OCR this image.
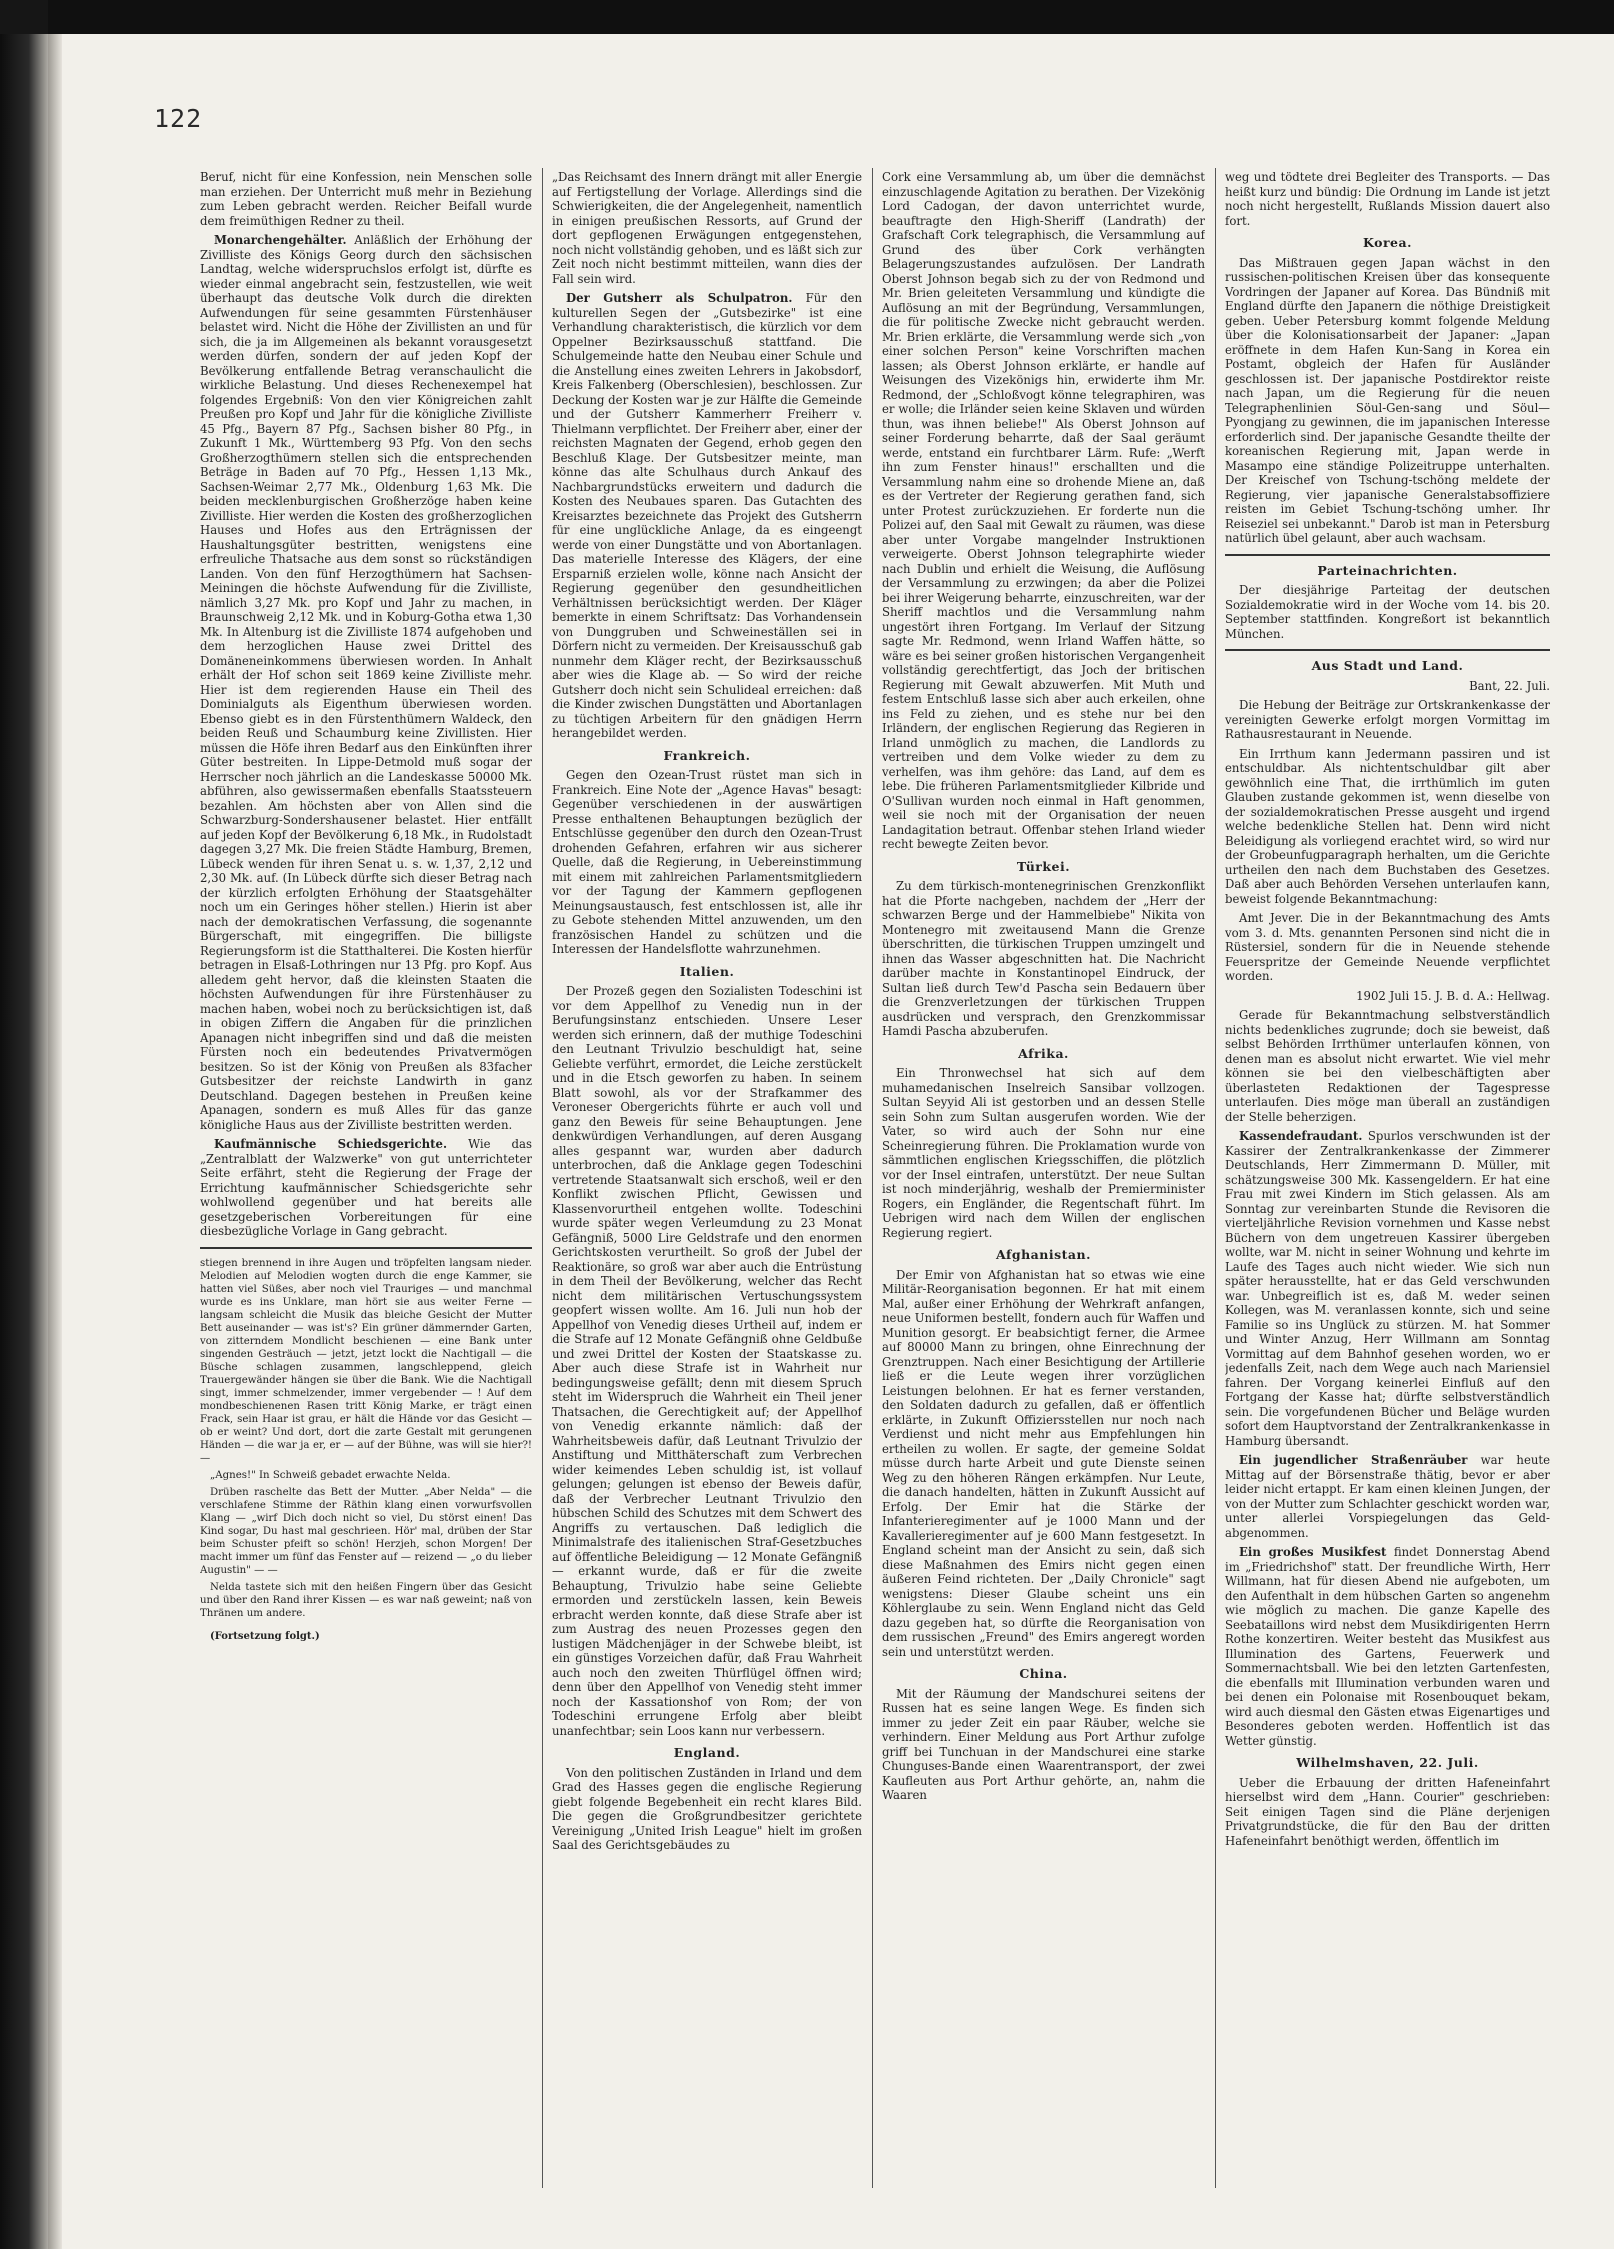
122

Beruf, nicht für eine Konfession, nein Menschen solle man erziehen. Der Unterricht muß mehr in Beziehung zum Leben gebracht werden. Reicher Beifall wurde dem freimüthigen Redner zu theil.

Monarchengehälter. Anläßlich der Erhöhung der Zivilliste des Königs Georg durch den sächsischen Landtag, welche widerspruchslos erfolgt ist, dürfte es wieder einmal angebracht sein, festzustellen, wie weit überhaupt das deutsche Volk durch die direkten Aufwendungen für seine gesammten Fürstenhäuser belastet wird. Nicht die Höhe der Zivillisten an und für sich, die ja im Allgemeinen als bekannt vorausgesetzt werden dürfen, sondern der auf jeden Kopf der Bevölkerung entfallende Betrag veranschaulicht die wirkliche Belastung. Und dieses Rechenexempel hat folgendes Ergebniß: Von den vier Königreichen zahlt Preußen pro Kopf und Jahr für die königliche Zivilliste 45 Pfg., Bayern 87 Pfg., Sachsen bisher 80 Pfg., in Zukunft 1 Mk., Württemberg 93 Pfg. Von den sechs Großherzogthümern stellen sich die entsprechenden Beträge in Baden auf 70 Pfg., Hessen 1,13 Mk., Sachsen-Weimar 2,77 Mk., Oldenburg 1,63 Mk. Die beiden mecklenburgischen Großherzöge haben keine Zivilliste. Hier werden die Kosten des großherzoglichen Hauses und Hofes aus den Erträgnissen der Haushaltungsgüter bestritten, wenigstens eine erfreuliche Thatsache aus dem sonst so rückständigen Landen. Von den fünf Herzogthümern hat Sachsen-Meiningen die höchste Aufwendung für die Zivilliste, nämlich 3,27 Mk. pro Kopf und Jahr zu machen, in Braunschweig 2,12 Mk. und in Koburg-Gotha etwa 1,30 Mk. In Altenburg ist die Zivilliste 1874 aufgehoben und dem herzoglichen Hause zwei Drittel des Domäneneinkommens überwiesen worden. In Anhalt erhält der Hof schon seit 1869 keine Zivilliste mehr. Hier ist dem regierenden Hause ein Theil des Dominialguts als Eigenthum überwiesen worden. Ebenso giebt es in den Fürstenthümern Waldeck, den beiden Reuß und Schaumburg keine Zivillisten. Hier müssen die Höfe ihren Bedarf aus den Einkünften ihrer Güter bestreiten. In Lippe-Detmold muß sogar der Herrscher noch jährlich an die Landeskasse 50000 Mk. abführen, also gewissermaßen ebenfalls Staatssteuern bezahlen. Am höchsten aber von Allen sind die Schwarzburg-Sondershausener belastet. Hier entfällt auf jeden Kopf der Bevölkerung 6,18 Mk., in Rudolstadt dagegen 3,27 Mk. Die freien Städte Hamburg, Bremen, Lübeck wenden für ihren Senat u. s. w. 1,37, 2,12 und 2,30 Mk. auf. (In Lübeck dürfte sich dieser Betrag nach der kürzlich erfolgten Erhöhung der Staatsgehälter noch um ein Geringes höher stellen.) Hierin ist aber nach der demokratischen Verfassung, die sogenannte Bürgerschaft, mit eingegriffen. Die billigste Regierungsform ist die Statthalterei. Die Kosten hierfür betragen in Elsaß-Lothringen nur 13 Pfg. pro Kopf. Aus alledem geht hervor, daß die kleinsten Staaten die höchsten Aufwendungen für ihre Fürstenhäuser zu machen haben, wobei noch zu berücksichtigen ist, daß in obigen Ziffern die Angaben für die prinzlichen Apanagen nicht inbegriffen sind und daß die meisten Fürsten noch ein bedeutendes Privatvermögen besitzen. So ist der König von Preußen als 83facher Gutsbesitzer der reichste Landwirth in ganz Deutschland. Dagegen bestehen in Preußen keine Apanagen, sondern es muß Alles für das ganze königliche Haus aus der Zivilliste bestritten werden.

Kaufmännische Schiedsgerichte. Wie das „Zentralblatt der Walzwerke" von gut unterrichteter Seite erfährt, steht die Regierung der Frage der Errichtung kaufmännischer Schiedsgerichte sehr wohlwollend gegenüber und hat bereits alle gesetzgeberischen Vorbereitungen für eine diesbezügliche Vorlage in Gang gebracht.

stiegen brennend in ihre Augen und tröpfelten langsam nieder. Melodien auf Melodien wogten durch die enge Kammer, sie hatten viel Süßes, aber noch viel Trauriges — und manchmal wurde es ins Unklare, man hört sie aus weiter Ferne — langsam schleicht die Musik das bleiche Gesicht der Mutter Bett auseinander — was ist's? Ein grüner dämmernder Garten, von zitterndem Mondlicht beschienen — eine Bank unter singenden Gesträuch — jetzt, jetzt lockt die Nachtigall — die Büsche schlagen zusammen, langschleppend, gleich Trauergewänder hängen sie über die Bank. Wie die Nachtigall singt, immer schmelzender, immer vergebender — ! Auf dem mondbeschienenen Rasen tritt König Marke, er trägt einen Frack, sein Haar ist grau, er hält die Hände vor das Gesicht — ob er weint? Und dort, dort die zarte Gestalt mit gerungenen Händen — die war ja er, er — auf der Bühne, was will sie hier?! —

„Agnes!" In Schweiß gebadet erwachte Nelda.

Drüben raschelte das Bett der Mutter. „Aber Nelda" — die verschlafene Stimme der Räthin klang einen vorwurfsvollen Klang — „wirf Dich doch nicht so viel, Du störst einen! Das Kind sogar, Du hast mal geschrieen. Hör' mal, drüben der Star beim Schuster pfeift so schön! Herzjeh, schon Morgen! Der macht immer um fünf das Fenster auf — reizend — „o du lieber Augustin" — —

Nelda tastete sich mit den heißen Fingern über das Gesicht und über den Rand ihrer Kissen — es war naß geweint; naß von Thränen um andere.

(Fortsetzung folgt.)

„Das Reichsamt des Innern drängt mit aller Energie auf Fertigstellung der Vorlage. Allerdings sind die Schwierigkeiten, die der Angelegenheit, namentlich in einigen preußischen Ressorts, auf Grund der dort gepflogenen Erwägungen entgegenstehen, noch nicht vollständig gehoben, und es läßt sich zur Zeit noch nicht bestimmt mitteilen, wann dies der Fall sein wird.

Der Gutsherr als Schulpatron. Für den kulturellen Segen der „Gutsbezirke" ist eine Verhandlung charakteristisch, die kürzlich vor dem Oppelner Bezirksausschuß stattfand. Die Schulgemeinde hatte den Neubau einer Schule und die Anstellung eines zweiten Lehrers in Jakobsdorf, Kreis Falkenberg (Oberschlesien), beschlossen. Zur Deckung der Kosten war je zur Hälfte die Gemeinde und der Gutsherr Kammerherr Freiherr v. Thielmann verpflichtet. Der Freiherr aber, einer der reichsten Magnaten der Gegend, erhob gegen den Beschluß Klage. Der Gutsbesitzer meinte, man könne das alte Schulhaus durch Ankauf des Nachbargrundstücks erweitern und dadurch die Kosten des Neubaues sparen. Das Gutachten des Kreisarztes bezeichnete das Projekt des Gutsherrn für eine unglückliche Anlage, da es eingeengt werde von einer Dungstätte und von Abortanlagen. Das materielle Interesse des Klägers, der eine Ersparniß erzielen wolle, könne nach Ansicht der Regierung gegenüber den gesundheitlichen Verhältnissen berücksichtigt werden. Der Kläger bemerkte in einem Schriftsatz: Das Vorhandensein von Dunggruben und Schweineställen sei in Dörfern nicht zu vermeiden. Der Kreisausschuß gab nunmehr dem Kläger recht, der Bezirksausschuß aber wies die Klage ab. — So wird der reiche Gutsherr doch nicht sein Schulideal erreichen: daß die Kinder zwischen Dungstätten und Abortanlagen zu tüchtigen Arbeitern für den gnädigen Herrn herangebildet werden.

Frankreich.

Gegen den Ozean-Trust rüstet man sich in Frankreich. Eine Note der „Agence Havas" besagt: Gegenüber verschiedenen in der auswärtigen Presse enthaltenen Behauptungen bezüglich der Entschlüsse gegenüber den durch den Ozean-Trust drohenden Gefahren, erfahren wir aus sicherer Quelle, daß die Regierung, in Uebereinstimmung mit einem mit zahlreichen Parlamentsmitgliedern vor der Tagung der Kammern gepflogenen Meinungsaustausch, fest entschlossen ist, alle ihr zu Gebote stehenden Mittel anzuwenden, um den französischen Handel zu schützen und die Interessen der Handelsflotte wahrzunehmen.

Italien.

Der Prozeß gegen den Sozialisten Todeschini ist vor dem Appellhof zu Venedig nun in der Berufungsinstanz entschieden. Unsere Leser werden sich erinnern, daß der muthige Todeschini den Leutnant Trivulzio beschuldigt hat, seine Geliebte verführt, ermordet, die Leiche zerstückelt und in die Etsch geworfen zu haben. In seinem Blatt sowohl, als vor der Strafkammer des Veroneser Obergerichts führte er auch voll und ganz den Beweis für seine Behauptungen. Jene denkwürdigen Verhandlungen, auf deren Ausgang alles gespannt war, wurden aber dadurch unterbrochen, daß die Anklage gegen Todeschini vertretende Staatsanwalt sich erschoß, weil er den Konflikt zwischen Pflicht, Gewissen und Klassenvorurtheil entgehen wollte. Todeschini wurde später wegen Verleumdung zu 23 Monat Gefängniß, 5000 Lire Geldstrafe und den enormen Gerichtskosten verurtheilt. So groß der Jubel der Reaktionäre, so groß war aber auch die Entrüstung in dem Theil der Bevölkerung, welcher das Recht nicht dem militärischen Vertuschungssystem geopfert wissen wollte. Am 16. Juli nun hob der Appellhof von Venedig dieses Urtheil auf, indem er die Strafe auf 12 Monate Gefängniß ohne Geldbuße und zwei Drittel der Kosten der Staatskasse zu. Aber auch diese Strafe ist in Wahrheit nur bedingungsweise gefällt; denn mit diesem Spruch steht im Widerspruch die Wahrheit ein Theil jener Thatsachen, die Gerechtigkeit auf; der Appellhof von Venedig erkannte nämlich: daß der Wahrheitsbeweis dafür, daß Leutnant Trivulzio der Anstiftung und Mitthäterschaft zum Verbrechen wider keimendes Leben schuldig ist, ist vollauf gelungen; gelungen ist ebenso der Beweis dafür, daß der Verbrecher Leutnant Trivulzio den hübschen Schild des Schutzes mit dem Schwert des Angriffs zu vertauschen. Daß lediglich die Minimalstrafe des italienischen Straf-Gesetzbuches auf öffentliche Beleidigung — 12 Monate Gefängniß — erkannt wurde, daß er für die zweite Behauptung, Trivulzio habe seine Geliebte ermorden und zerstückeln lassen, kein Beweis erbracht werden konnte, daß diese Strafe aber ist zum Austrag des neuen Prozesses gegen den lustigen Mädchenjäger in der Schwebe bleibt, ist ein günstiges Vorzeichen dafür, daß Frau Wahrheit auch noch den zweiten Thürflügel öffnen wird; denn über den Appellhof von Venedig steht immer noch der Kassationshof von Rom; der von Todeschini errungene Erfolg aber bleibt unanfechtbar; sein Loos kann nur verbessern.

England.

Von den politischen Zuständen in Irland und dem Grad des Hasses gegen die englische Regierung giebt folgende Begebenheit ein recht klares Bild. Die gegen die Großgrundbesitzer gerichtete Vereinigung „United Irish League" hielt im großen Saal des Gerichtsgebäudes zu

Cork eine Versammlung ab, um über die demnächst einzuschlagende Agitation zu berathen. Der Vizekönig Lord Cadogan, der davon unterrichtet wurde, beauftragte den High-Sheriff (Landrath) der Grafschaft Cork telegraphisch, die Versammlung auf Grund des über Cork verhängten Belagerungszustandes aufzulösen. Der Landrath Oberst Johnson begab sich zu der von Redmond und Mr. Brien geleiteten Versammlung und kündigte die Auflösung an mit der Begründung, Versammlungen, die für politische Zwecke nicht gebraucht werden. Mr. Brien erklärte, die Versammlung werde sich „von einer solchen Person" keine Vorschriften machen lassen; als Oberst Johnson erklärte, er handle auf Weisungen des Vizekönigs hin, erwiderte ihm Mr. Redmond, der „Schloßvogt könne telegraphiren, was er wolle; die Irländer seien keine Sklaven und würden thun, was ihnen beliebe!" Als Oberst Johnson auf seiner Forderung beharrte, daß der Saal geräumt werde, entstand ein furchtbarer Lärm. Rufe: „Werft ihn zum Fenster hinaus!" erschallten und die Versammlung nahm eine so drohende Miene an, daß es der Vertreter der Regierung gerathen fand, sich unter Protest zurückzuziehen. Er forderte nun die Polizei auf, den Saal mit Gewalt zu räumen, was diese aber unter Vorgabe mangelnder Instruktionen verweigerte. Oberst Johnson telegraphirte wieder nach Dublin und erhielt die Weisung, die Auflösung der Versammlung zu erzwingen; da aber die Polizei bei ihrer Weigerung beharrte, einzuschreiten, war der Sheriff machtlos und die Versammlung nahm ungestört ihren Fortgang. Im Verlauf der Sitzung sagte Mr. Redmond, wenn Irland Waffen hätte, so wäre es bei seiner großen historischen Vergangenheit vollständig gerechtfertigt, das Joch der britischen Regierung mit Gewalt abzuwerfen. Mit Muth und festem Entschluß lasse sich aber auch erkeilen, ohne ins Feld zu ziehen, und es stehe nur bei den Irländern, der englischen Regierung das Regieren in Irland unmöglich zu machen, die Landlords zu vertreiben und dem Volke wieder zu dem zu verhelfen, was ihm gehöre: das Land, auf dem es lebe. Die früheren Parlamentsmitglieder Kilbride und O'Sullivan wurden noch einmal in Haft genommen, weil sie noch mit der Organisation der neuen Landagitation betraut. Offenbar stehen Irland wieder recht bewegte Zeiten bevor.

Türkei.

Zu dem türkisch-montenegrinischen Grenzkonflikt hat die Pforte nachgeben, nachdem der „Herr der schwarzen Berge und der Hammelbiebe" Nikita von Montenegro mit zweitausend Mann die Grenze überschritten, die türkischen Truppen umzingelt und ihnen das Wasser abgeschnitten hat. Die Nachricht darüber machte in Konstantinopel Eindruck, der Sultan ließ durch Tew'd Pascha sein Bedauern über die Grenzverletzungen der türkischen Truppen ausdrücken und versprach, den Grenzkommissar Hamdi Pascha abzuberufen.

Afrika.

Ein Thronwechsel hat sich auf dem muhamedanischen Inselreich Sansibar vollzogen. Sultan Seyyid Ali ist gestorben und an dessen Stelle sein Sohn zum Sultan ausgerufen worden. Wie der Vater, so wird auch der Sohn nur eine Scheinregierung führen. Die Proklamation wurde von sämmtlichen englischen Kriegsschiffen, die plötzlich vor der Insel eintrafen, unterstützt. Der neue Sultan ist noch minderjährig, weshalb der Premierminister Rogers, ein Engländer, die Regentschaft führt. Im Uebrigen wird nach dem Willen der englischen Regierung regiert.

Afghanistan.

Der Emir von Afghanistan hat so etwas wie eine Militär-Reorganisation begonnen. Er hat mit einem Mal, außer einer Erhöhung der Wehrkraft anfangen, neue Uniformen bestellt, fondern auch für Waffen und Munition gesorgt. Er beabsichtigt ferner, die Armee auf 80000 Mann zu bringen, ohne Einrechnung der Grenztruppen. Nach einer Besichtigung der Artillerie ließ er die Leute wegen ihrer vorzüglichen Leistungen belohnen. Er hat es ferner verstanden, den Soldaten dadurch zu gefallen, daß er öffentlich erklärte, in Zukunft Offiziersstellen nur noch nach Verdienst und nicht mehr aus Empfehlungen hin ertheilen zu wollen. Er sagte, der gemeine Soldat müsse durch harte Arbeit und gute Dienste seinen Weg zu den höheren Rängen erkämpfen. Nur Leute, die danach handelten, hätten in Zukunft Aussicht auf Erfolg. Der Emir hat die Stärke der Infanterieregimenter auf je 1000 Mann und der Kavallerieregimenter auf je 600 Mann festgesetzt. In England scheint man der Ansicht zu sein, daß sich diese Maßnahmen des Emirs nicht gegen einen äußeren Feind richteten. Der „Daily Chronicle" sagt wenigstens: Dieser Glaube scheint uns ein Köhlerglaube zu sein. Wenn England nicht das Geld dazu gegeben hat, so dürfte die Reorganisation von dem russischen „Freund" des Emirs angeregt worden sein und unterstützt werden.

China.

Mit der Räumung der Mandschurei seitens der Russen hat es seine langen Wege. Es finden sich immer zu jeder Zeit ein paar Räuber, welche sie verhindern. Einer Meldung aus Port Arthur zufolge griff bei Tunchuan in der Mandschurei eine starke Chunguses-Bande einen Waarentransport, der zwei Kaufleuten aus Port Arthur gehörte, an, nahm die Waaren

weg und tödtete drei Begleiter des Transports. — Das heißt kurz und bündig: Die Ordnung im Lande ist jetzt noch nicht hergestellt, Rußlands Mission dauert also fort.

Korea.

Das Mißtrauen gegen Japan wächst in den russischen-politischen Kreisen über das konsequente Vordringen der Japaner auf Korea. Das Bündniß mit England dürfte den Japanern die nöthige Dreistigkeit geben. Ueber Petersburg kommt folgende Meldung über die Kolonisationsarbeit der Japaner: „Japan eröffnete in dem Hafen Kun-Sang in Korea ein Postamt, obgleich der Hafen für Ausländer geschlossen ist. Der japanische Postdirektor reiste nach Japan, um die Regierung für die neuen Telegraphenlinien Söul-Gen-sang und Söul—Pyongjang zu gewinnen, die im japanischen Interesse erforderlich sind. Der japanische Gesandte theilte der koreanischen Regierung mit, Japan werde in Masampo eine ständige Polizeitruppe unterhalten. Der Kreischef von Tschung-tschöng meldete der Regierung, vier japanische Generalstabsoffiziere reisten im Gebiet Tschung-tschöng umher. Ihr Reiseziel sei unbekannt." Darob ist man in Petersburg natürlich übel gelaunt, aber auch wachsam.

Parteinachrichten.

Der diesjährige Parteitag der deutschen Sozialdemokratie wird in der Woche vom 14. bis 20. September stattfinden. Kongreßort ist bekanntlich München.

Aus Stadt und Land.

Bant, 22. Juli.

Die Hebung der Beiträge zur Ortskrankenkasse der vereinigten Gewerke erfolgt morgen Vormittag im Rathausrestaurant in Neuende.

Ein Irrthum kann Jedermann passiren und ist entschuldbar. Als nichtentschuldbar gilt aber gewöhnlich eine That, die irrthümlich im guten Glauben zustande gekommen ist, wenn dieselbe von der sozialdemokratischen Presse ausgeht und irgend welche bedenkliche Stellen hat. Denn wird nicht Beleidigung als vorliegend erachtet wird, so wird nur der Grobeunfugparagraph herhalten, um die Gerichte urtheilen den nach dem Buchstaben des Gesetzes. Daß aber auch Behörden Versehen unterlaufen kann, beweist folgende Bekanntmachung:

Amt Jever. Die in der Bekanntmachung des Amts vom 3. d. Mts. genannten Personen sind nicht die in Rüstersiel, sondern für die in Neuende stehende Feuerspritze der Gemeinde Neuende verpflichtet worden.

1902 Juli 15. J. B. d. A.: Hellwag.

Gerade für Bekanntmachung selbstverständlich nichts bedenkliches zugrunde; doch sie beweist, daß selbst Behörden Irrthümer unterlaufen können, von denen man es absolut nicht erwartet. Wie viel mehr können sie bei den vielbeschäftigten aber überlasteten Redaktionen der Tagespresse unterlaufen. Dies möge man überall an zuständigen der Stelle beherzigen.

Kassendefraudant. Spurlos verschwunden ist der Kassirer der Zentralkrankenkasse der Zimmerer Deutschlands, Herr Zimmermann D. Müller, mit schätzungsweise 300 Mk. Kassengeldern. Er hat eine Frau mit zwei Kindern im Stich gelassen. Als am Sonntag zur vereinbarten Stunde die Revisoren die vierteljährliche Revision vornehmen und Kasse nebst Büchern von dem ungetreuen Kassirer übergeben wollte, war M. nicht in seiner Wohnung und kehrte im Laufe des Tages auch nicht wieder. Wie sich nun später herausstellte, hat er das Geld verschwunden war. Unbegreiflich ist es, daß M. weder seinen Kollegen, was M. veranlassen konnte, sich und seine Familie so ins Unglück zu stürzen. M. hat Sommer und Winter Anzug, Herr Willmann am Sonntag Vormittag auf dem Bahnhof gesehen worden, wo er jedenfalls Zeit, nach dem Wege auch nach Mariensiel fahren. Der Vorgang keinerlei Einfluß auf den Fortgang der Kasse hat; dürfte selbstverständlich sein. Die vorgefundenen Bücher und Beläge wurden sofort dem Hauptvorstand der Zentralkrankenkasse in Hamburg übersandt.

Ein jugendlicher Straßenräuber war heute Mittag auf der Börsenstraße thätig, bevor er aber leider nicht ertappt. Er kam einen kleinen Jungen, der von der Mutter zum Schlachter geschickt worden war, unter allerlei Vorspiegelungen das Geld- abgenommen.

Ein großes Musikfest findet Donnerstag Abend im „Friedrichshof" statt. Der freundliche Wirth, Herr Willmann, hat für diesen Abend nie aufgeboten, um den Aufenthalt in dem hübschen Garten so angenehm wie möglich zu machen. Die ganze Kapelle des Seebataillons wird nebst dem Musikdirigenten Herrn Rothe konzertiren. Weiter besteht das Musikfest aus Illumination des Gartens, Feuerwerk und Sommernachtsball. Wie bei den letzten Gartenfesten, die ebenfalls mit Illumination verbunden waren und bei denen ein Polonaise mit Rosenbouquet bekam, wird auch diesmal den Gästen etwas Eigenartiges und Besonderes geboten werden. Hoffentlich ist das Wetter günstig.

Wilhelmshaven, 22. Juli.

Ueber die Erbauung der dritten Hafeneinfahrt hierselbst wird dem „Hann. Courier" geschrieben: Seit einigen Tagen sind die Pläne derjenigen Privatgrundstücke, die für den Bau der dritten Hafeneinfahrt benöthigt werden, öffentlich im
